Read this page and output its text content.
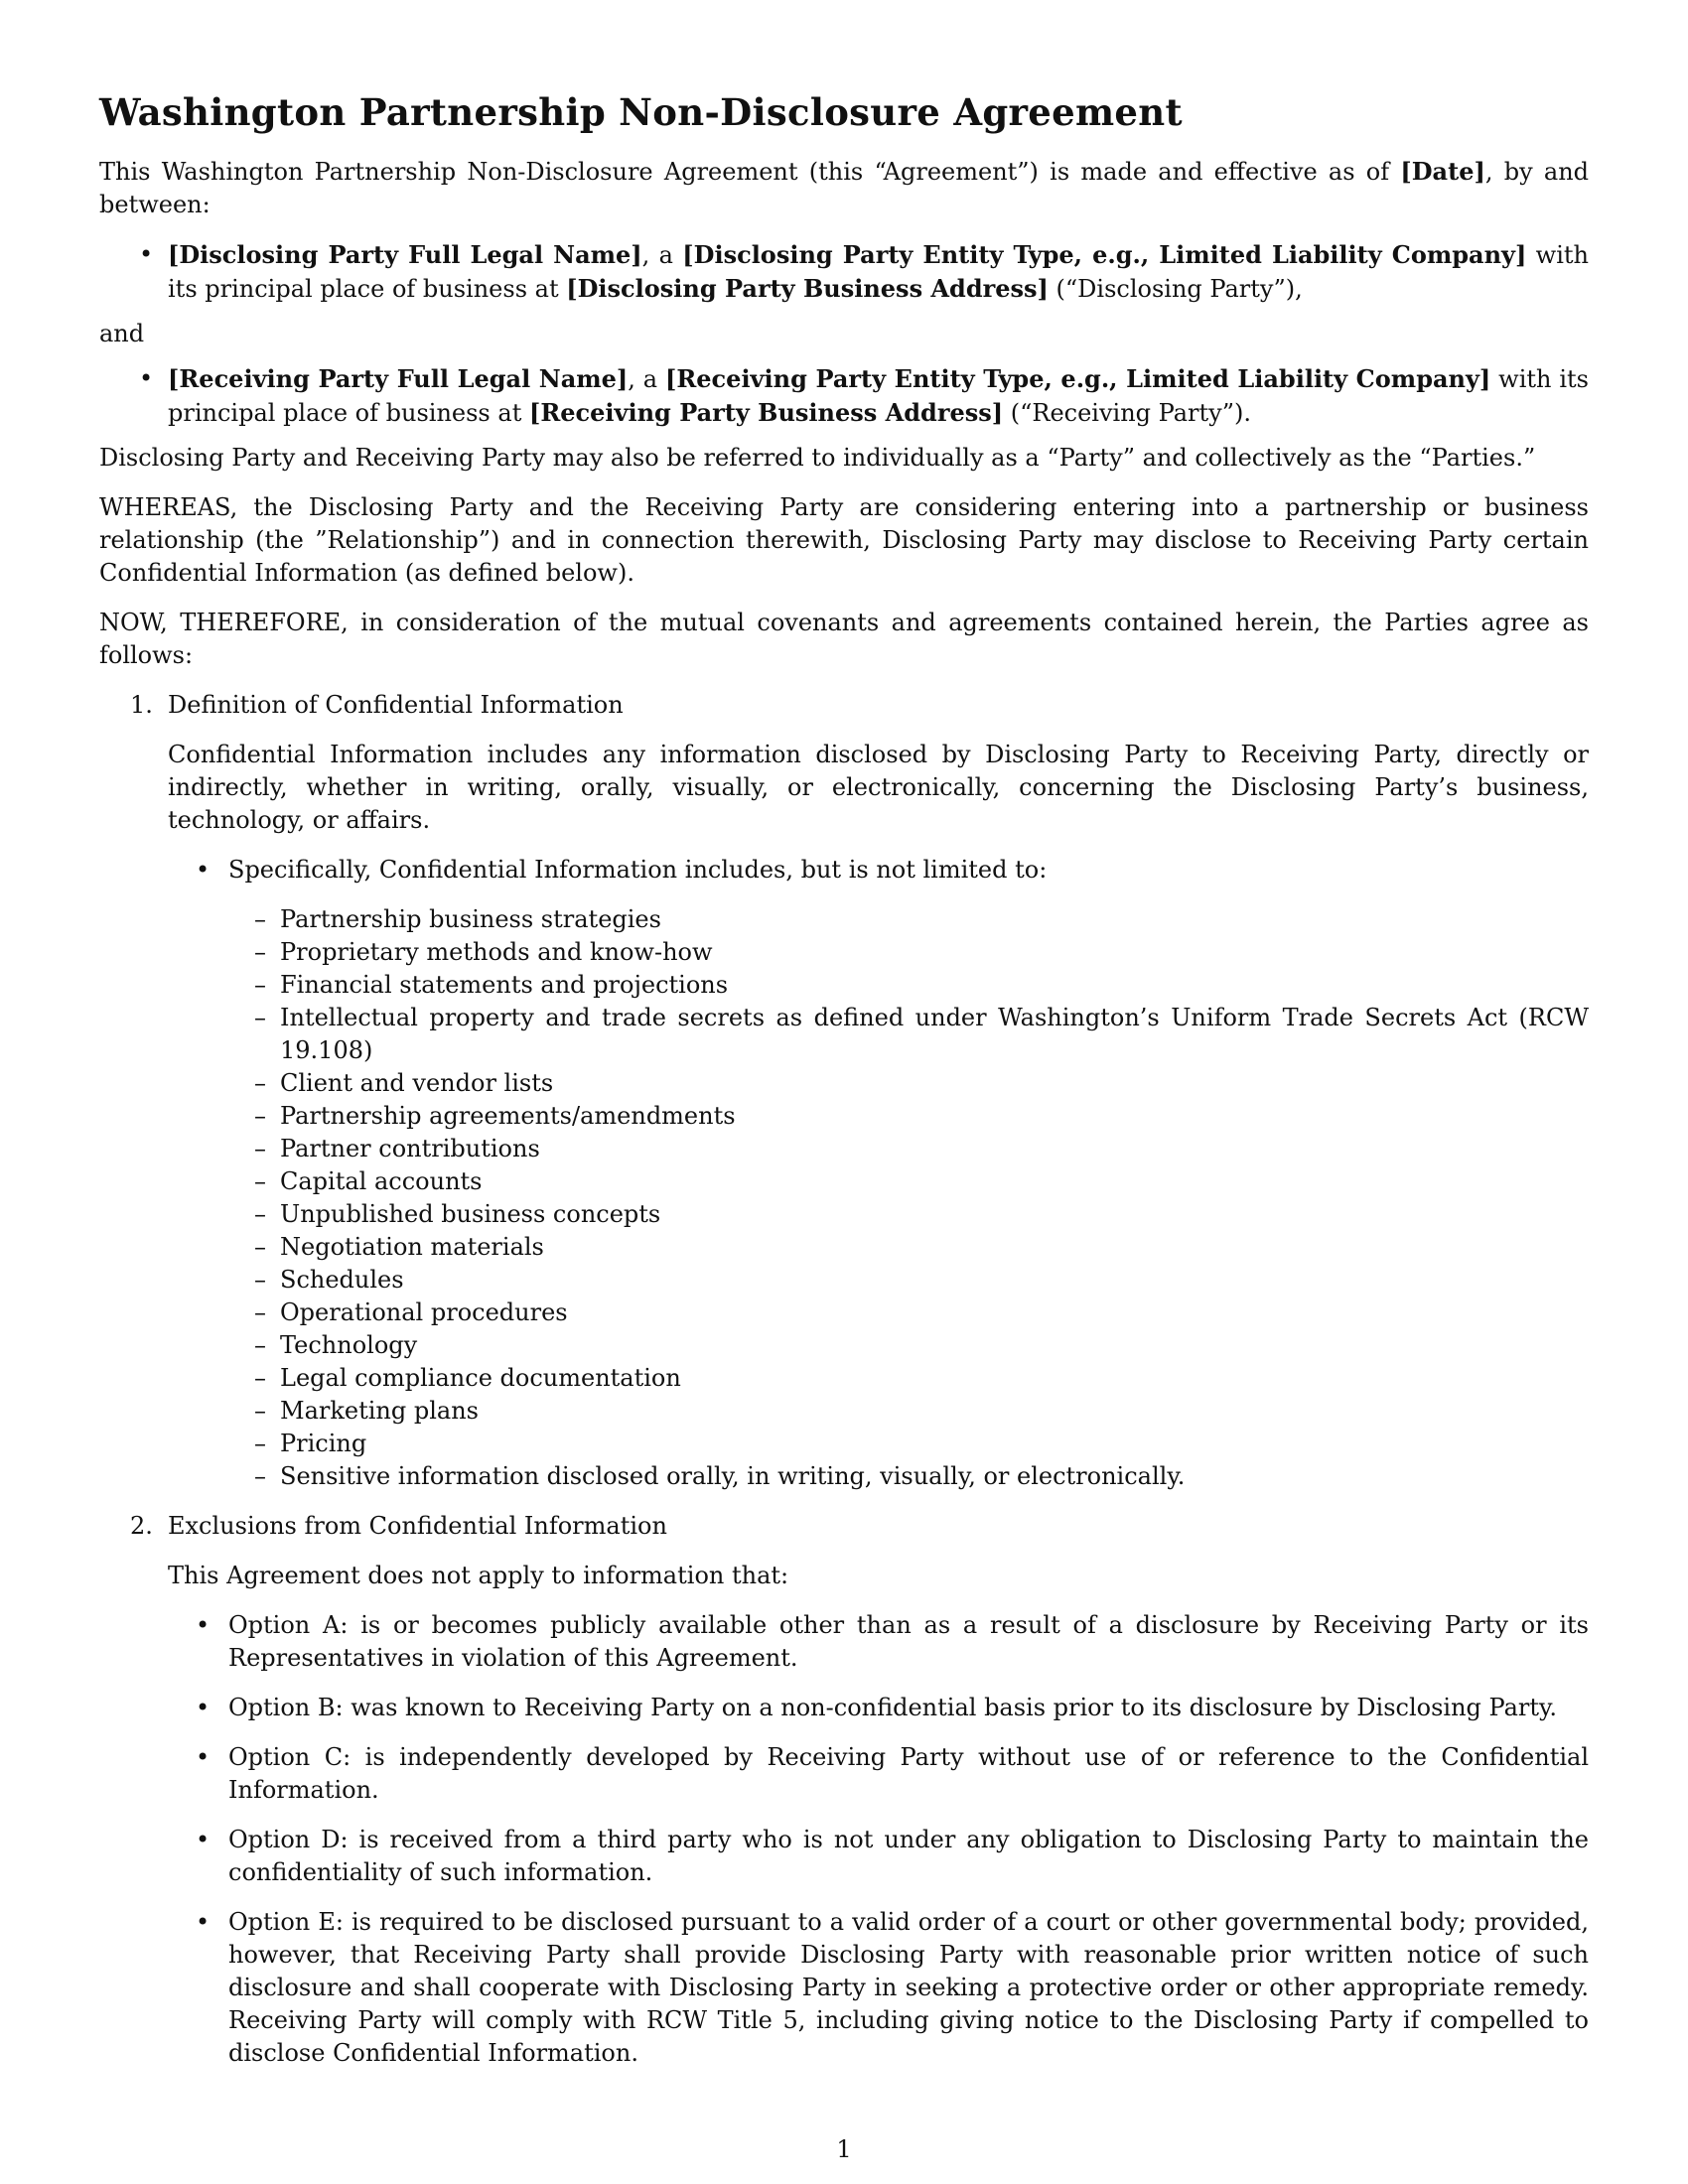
Washington Partnership Non-Disclosure Agreement

This Washington Partnership Non-Disclosure Agreement (this “Agreement”) is made and effective as of [Date], by and between:

• [Disclosing Party Full Legal Name], a [Disclosing Party Entity Type, e.g., Limited Liability Company] with its principal place of business at [Disclosing Party Business Address] (“Disclosing Party”),
and
• [Receiving Party Full Legal Name], a [Receiving Party Entity Type, e.g., Limited Liability Company] with its principal place of business at [Receiving Party Business Address] (“Receiving Party”).

Disclosing Party and Receiving Party may also be referred to individually as a “Party” and collectively as the “Parties.”

WHEREAS, the Disclosing Party and the Receiving Party are considering entering into a partnership or business relationship (the ”Relationship”) and in connection therewith, Disclosing Party may disclose to Receiving Party certain Confidential Information (as defined below).

NOW, THEREFORE, in consideration of the mutual covenants and agreements contained herein, the Parties agree as follows:

1. Definition of Confidential Information
Confidential Information includes any information disclosed by Disclosing Party to Receiving Party, directly or indirectly, whether in writing, orally, visually, or electronically, concerning the Disclosing Party’s business, technology, or affairs.
• Specifically, Confidential Information includes, but is not limited to:
– Partnership business strategies
– Proprietary methods and know-how
– Financial statements and projections
– Intellectual property and trade secrets as defined under Washington’s Uniform Trade Secrets Act (RCW 19.108)
– Client and vendor lists
– Partnership agreements/amendments
– Partner contributions
– Capital accounts
– Unpublished business concepts
– Negotiation materials
– Schedules
– Operational procedures
– Technology
– Legal compliance documentation
– Marketing plans
– Pricing
– Sensitive information disclosed orally, in writing, visually, or electronically.
2. Exclusions from Confidential Information
This Agreement does not apply to information that:
• Option A: is or becomes publicly available other than as a result of a disclosure by Receiving Party or its Representatives in violation of this Agreement.
• Option B: was known to Receiving Party on a non-confidential basis prior to its disclosure by Disclosing Party.
• Option C: is independently developed by Receiving Party without use of or reference to the Confidential Information.
• Option D: is received from a third party who is not under any obligation to Disclosing Party to maintain the confidentiality of such information.
• Option E: is required to be disclosed pursuant to a valid order of a court or other governmental body; provided, however, that Receiving Party shall provide Disclosing Party with reasonable prior written notice of such disclosure and shall cooperate with Disclosing Party in seeking a protective order or other appropriate remedy. Receiving Party will comply with RCW Title 5, including giving notice to the Disclosing Party if compelled to disclose Confidential Information.
1
